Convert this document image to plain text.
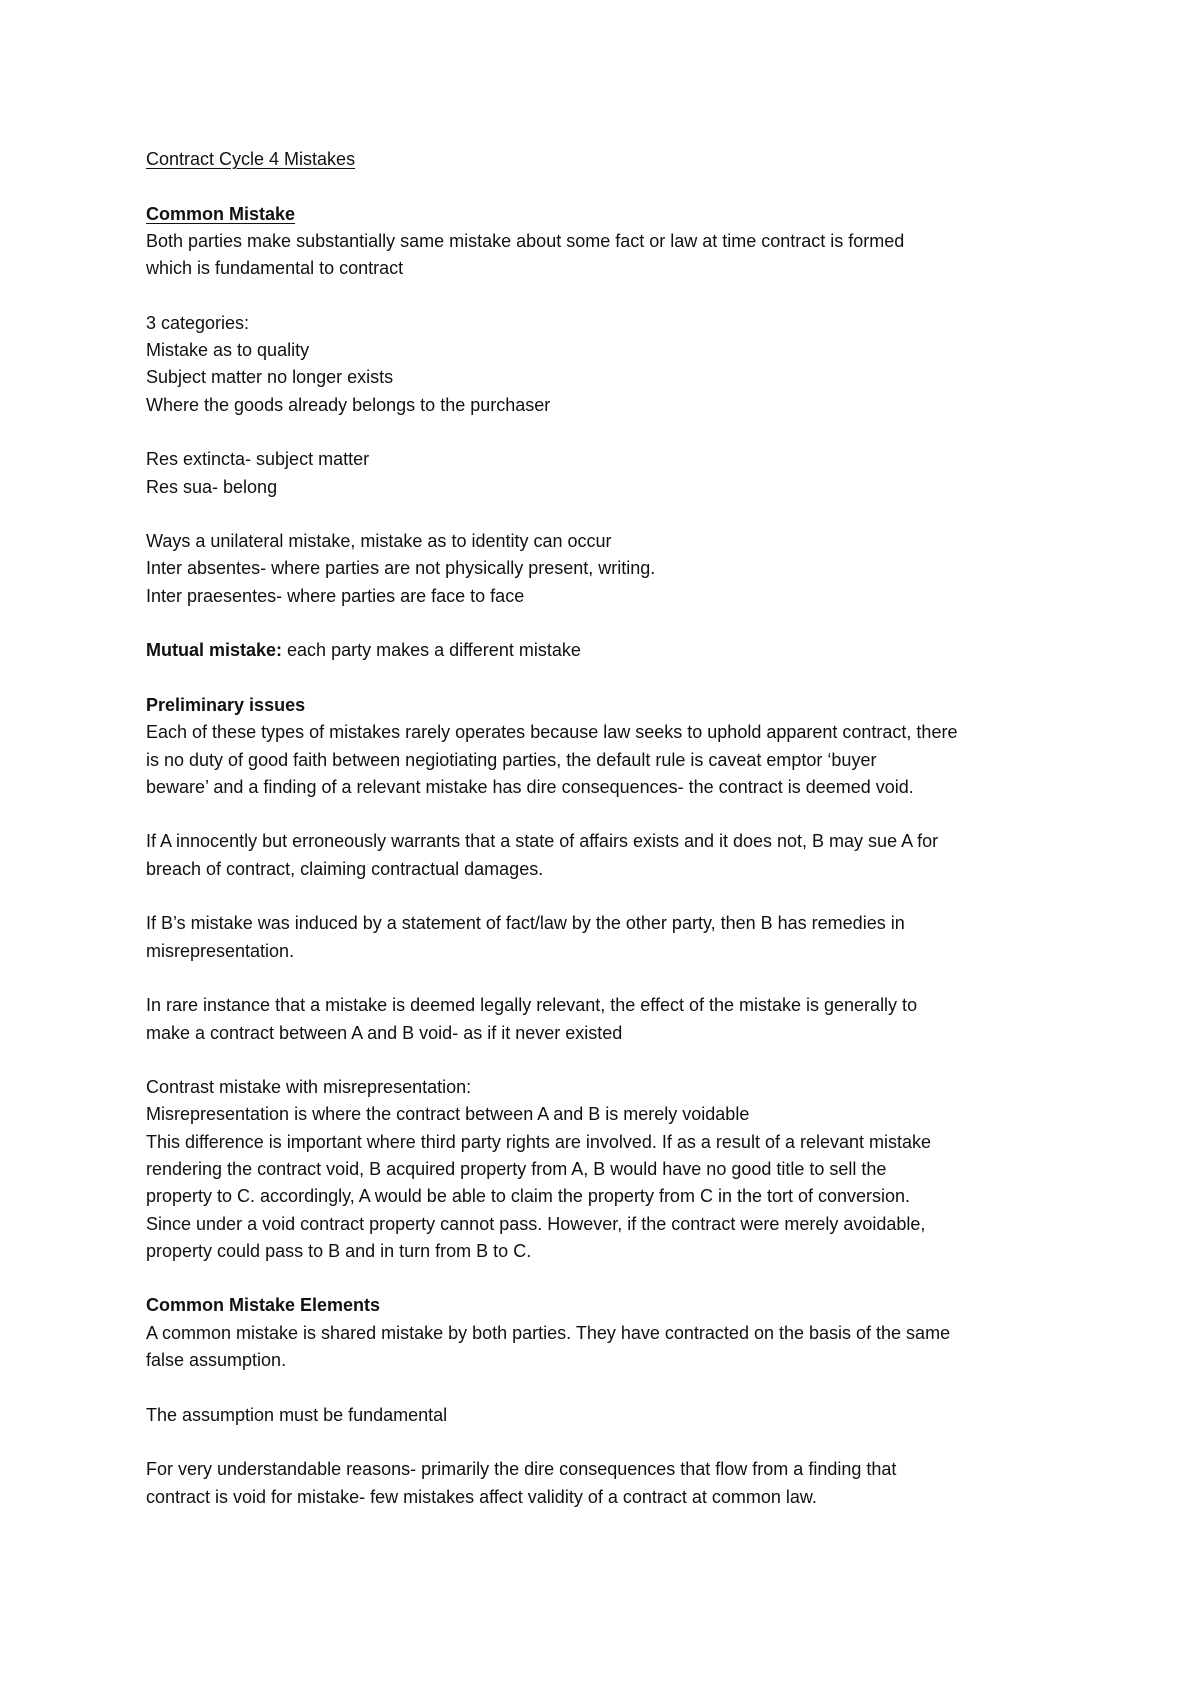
Contract Cycle 4 Mistakes
Common Mistake
Both parties make substantially same mistake about some fact or law at time contract is formed
which is fundamental to contract
3 categories:
Mistake as to quality
Subject matter no longer exists
Where the goods already belongs to the purchaser
Res extincta- subject matter
Res sua- belong
Ways a unilateral mistake, mistake as to identity can occur
Inter absentes- where parties are not physically present, writing.
Inter praesentes- where parties are face to face
Mutual mistake: each party makes a different mistake
Preliminary issues
Each of these types of mistakes rarely operates because law seeks to uphold apparent contract, there
is no duty of good faith between negiotiating parties, the default rule is caveat emptor ‘buyer
beware’ and a finding of a relevant mistake has dire consequences- the contract is deemed void.
If A innocently but erroneously warrants that a state of affairs exists and it does not, B may sue A for
breach of contract, claiming contractual damages.
If B’s mistake was induced by a statement of fact/law by the other party, then B has remedies in
misrepresentation.
In rare instance that a mistake is deemed legally relevant, the effect of the mistake is generally to
make a contract between A and B void- as if it never existed
Contrast mistake with misrepresentation:
Misrepresentation is where the contract between A and B is merely voidable
This difference is important where third party rights are involved. If as a result of a relevant mistake
rendering the contract void, B acquired property from A, B would have no good title to sell the
property to C. accordingly, A would be able to claim the property from C in the tort of conversion.
Since under a void contract property cannot pass. However, if the contract were merely avoidable,
property could pass to B and in turn from B to C.
Common Mistake Elements
A common mistake is shared mistake by both parties. They have contracted on the basis of the same
false assumption.
The assumption must be fundamental
For very understandable reasons- primarily the dire consequences that flow from a finding that
contract is void for mistake- few mistakes affect validity of a contract at common law.
